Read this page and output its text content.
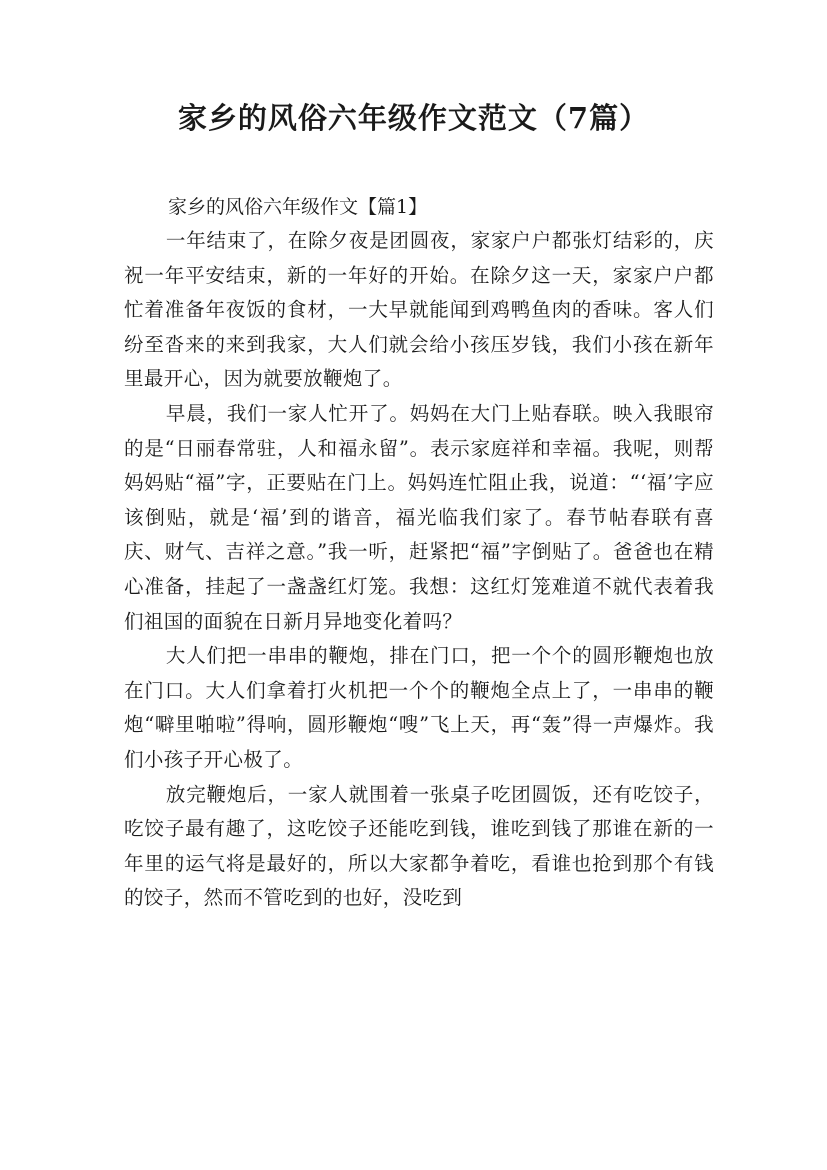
家乡的风俗六年级作文范文（7篇）
家乡的风俗六年级作文【篇1】

一年结束了，在除夕夜是团圆夜，家家户户都张灯结彩的，庆祝一年平安结束，新的一年好的开始。在除夕这一天，家家户户都忙着准备年夜饭的食材，一大早就能闻到鸡鸭鱼肉的香味。客人们纷至沓来的来到我家，大人们就会给小孩压岁钱，我们小孩在新年里最开心，因为就要放鞭炮了。

早晨，我们一家人忙开了。妈妈在大门上贴春联。映入我眼帘的是“日丽春常驻，人和福永留”。表示家庭祥和幸福。我呢，则帮妈妈贴“福”字，正要贴在门上。妈妈连忙阻止我，说道：“‘福’字应该倒贴，就是‘福’到的谐音，福光临我们家了。春节帖春联有喜庆、财气、吉祥之意。”我一听，赶紧把“福”字倒贴了。爸爸也在精心准备，挂起了一盏盏红灯笼。我想：这红灯笼难道不就代表着我们祖国的面貌在日新月异地变化着吗？

大人们把一串串的鞭炮，排在门口，把一个个的圆形鞭炮也放在门口。大人们拿着打火机把一个个的鞭炮全点上了，一串串的鞭炮“噼里啪啦”得响，圆形鞭炮“嗖”飞上天，再“轰”得一声爆炸。我们小孩子开心极了。

放完鞭炮后，一家人就围着一张桌子吃团圆饭，还有吃饺子，吃饺子最有趣了，这吃饺子还能吃到钱，谁吃到钱了那谁在新的一年里的运气将是最好的，所以大家都争着吃，看谁也抢到那个有钱的饺子，然而不管吃到的也好，没吃到
